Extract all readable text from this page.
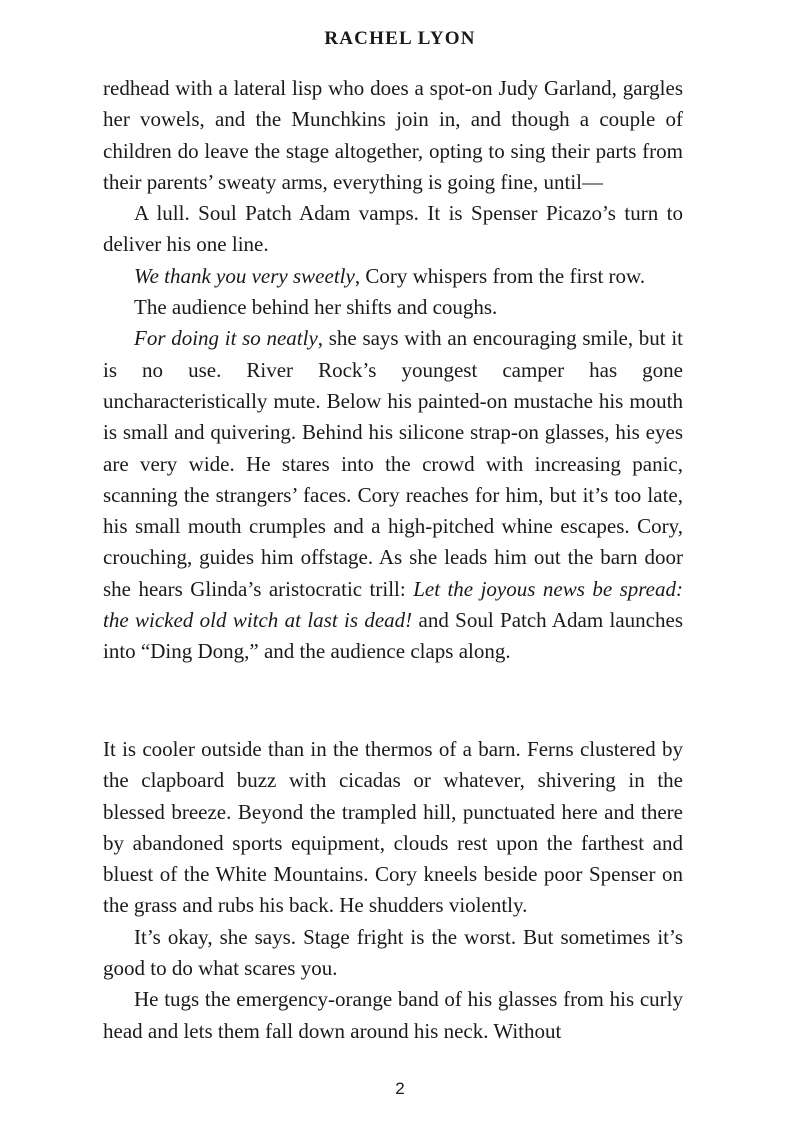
RACHEL LYON

redhead with a lateral lisp who does a spot-on Judy Garland, gargles her vowels, and the Munchkins join in, and though a couple of children do leave the stage altogether, opting to sing their parts from their parents’ sweaty arms, everything is going fine, until—

A lull. Soul Patch Adam vamps. It is Spenser Picazo’s turn to deliver his one line.

We thank you very sweetly, Cory whispers from the first row.

The audience behind her shifts and coughs.

For doing it so neatly, she says with an encouraging smile, but it is no use. River Rock’s youngest camper has gone uncharacteristically mute. Below his painted-on mustache his mouth is small and quivering. Behind his silicone strap-on glasses, his eyes are very wide. He stares into the crowd with increasing panic, scanning the strangers’ faces. Cory reaches for him, but it’s too late, his small mouth crumples and a high-pitched whine escapes. Cory, crouching, guides him offstage. As she leads him out the barn door she hears Glinda’s aristocratic trill: Let the joyous news be spread: the wicked old witch at last is dead! and Soul Patch Adam launches into “Ding Dong,” and the audience claps along.

It is cooler outside than in the thermos of a barn. Ferns clustered by the clapboard buzz with cicadas or whatever, shivering in the blessed breeze. Beyond the trampled hill, punctuated here and there by abandoned sports equipment, clouds rest upon the farthest and bluest of the White Mountains. Cory kneels beside poor Spenser on the grass and rubs his back. He shudders violently.

It’s okay, she says. Stage fright is the worst. But sometimes it’s good to do what scares you.

He tugs the emergency-orange band of his glasses from his curly head and lets them fall down around his neck. Without

2
